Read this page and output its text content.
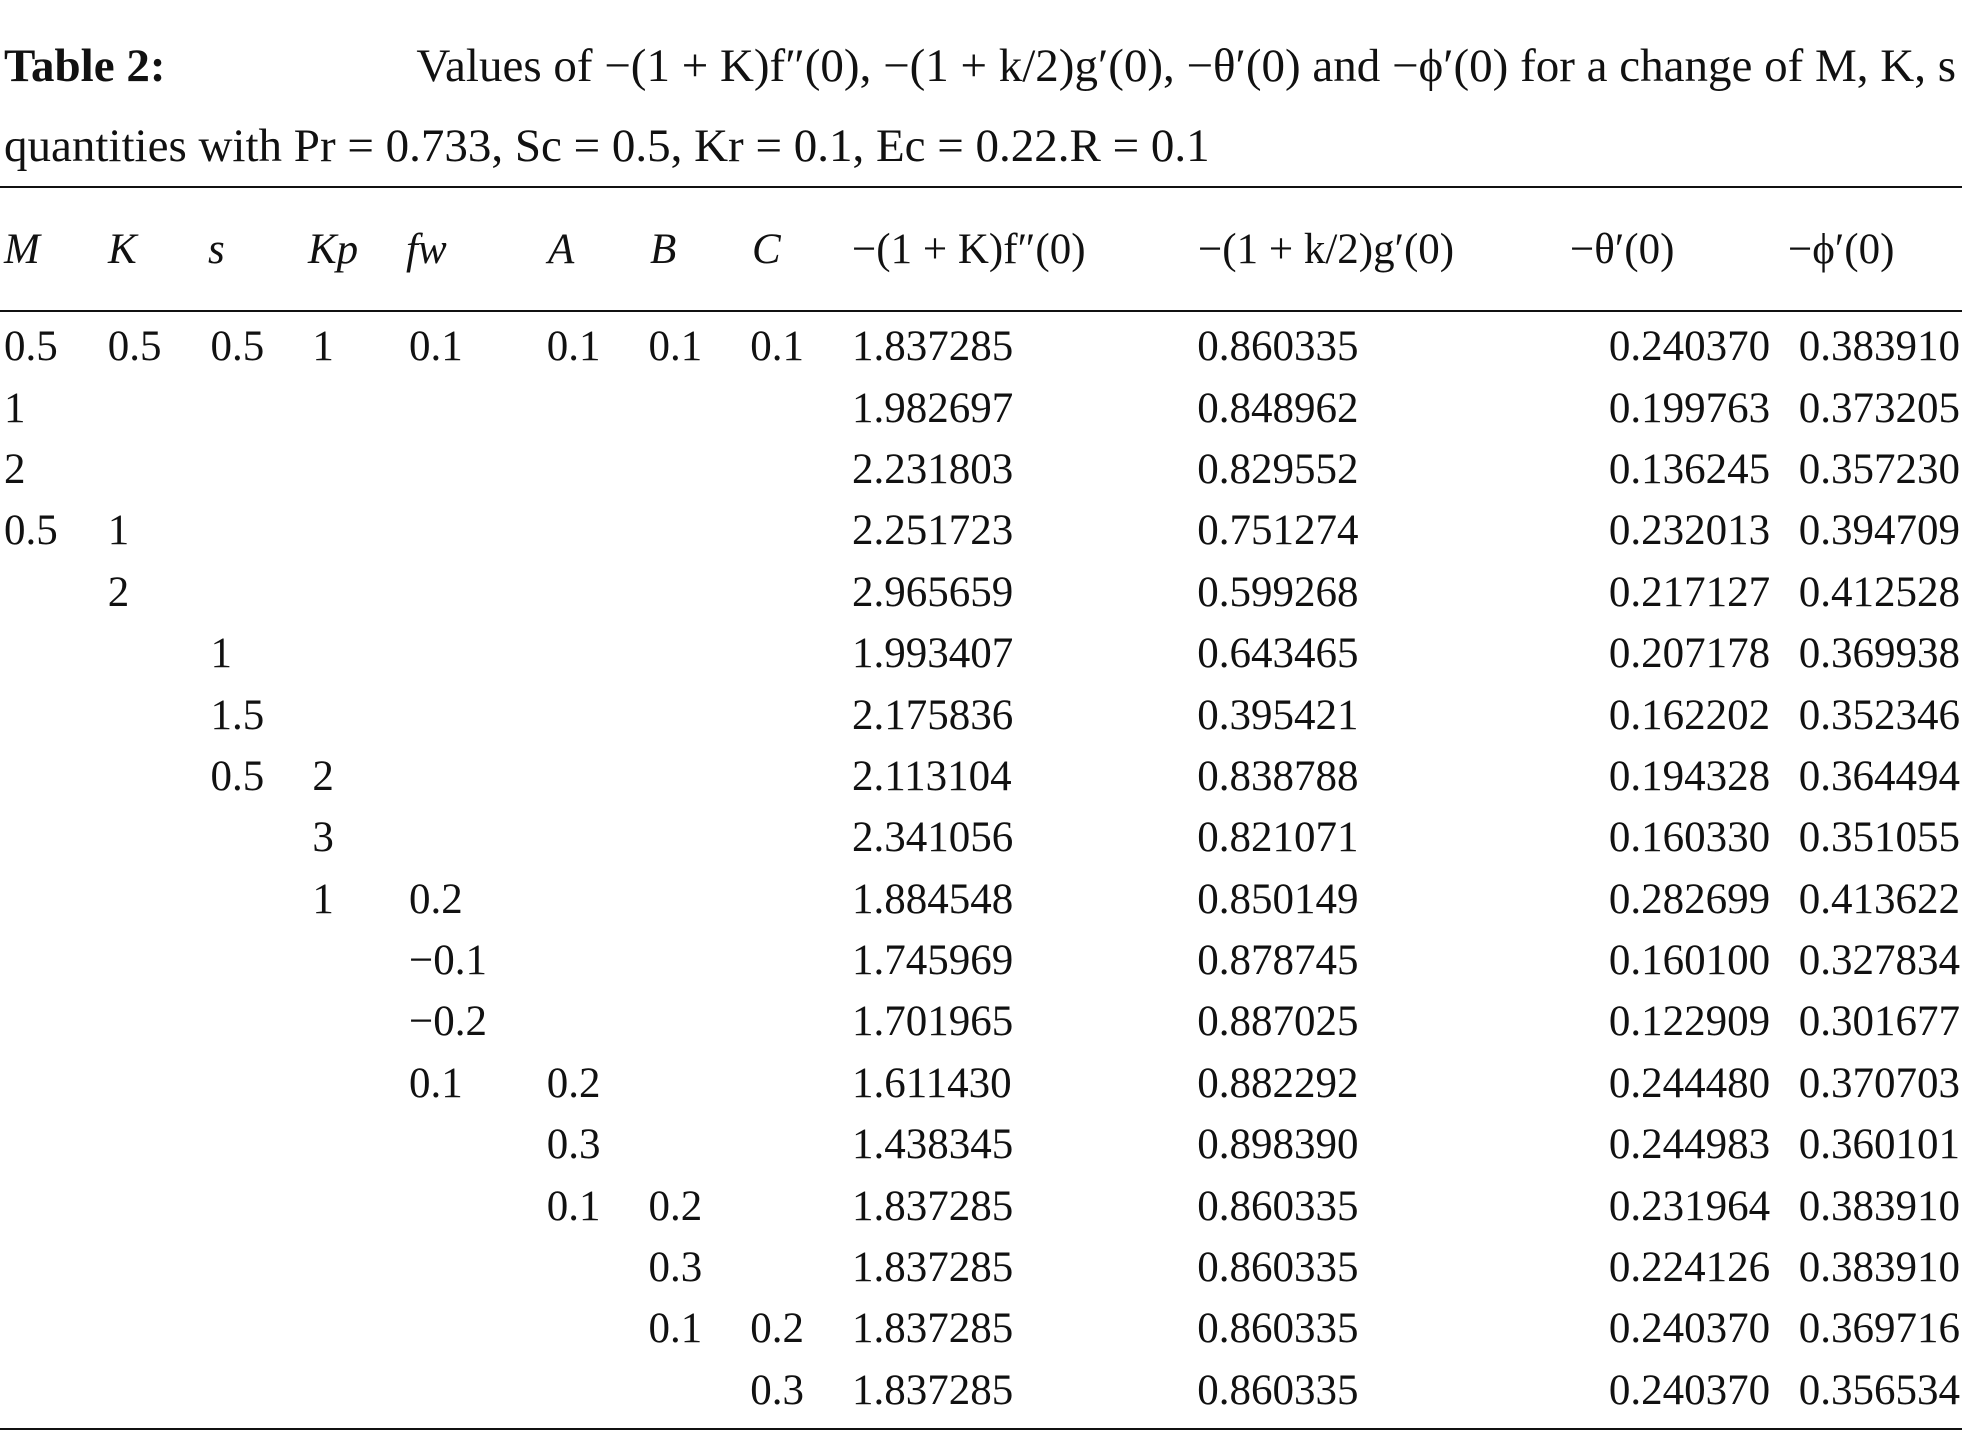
Table 2:	Values of −(1 + K)f″(0), −(1 + k/2)g′(0), −θ′(0) and −ϕ′(0) for a change of M, K, s
quantities with Pr = 0.733, Sc = 0.5, Kr = 0.1, Ec = 0.22.R = 0.1
M K s Kp fw A B C −(1 + K)f″(0)	−(1 + k/2)g′(0)	−θ′(0)	−ϕ′(0)
0.5	0.5	0.5	1	0.1	0.1	0.1	0.1	1.837285	0.860335	0.240370	0.383910
1								1.982697	0.848962	0.199763	0.373205
2								2.231803	0.829552	0.136245	0.357230
0.5	1							2.251723	0.751274	0.232013	0.394709
	2							2.965659	0.599268	0.217127	0.412528
		1						1.993407	0.643465	0.207178	0.369938
		1.5						2.175836	0.395421	0.162202	0.352346
		0.5	2					2.113104	0.838788	0.194328	0.364494
			3					2.341056	0.821071	0.160330	0.351055
			1	0.2				1.884548	0.850149	0.282699	0.413622
				−0.1				1.745969	0.878745	0.160100	0.327834
				−0.2				1.701965	0.887025	0.122909	0.301677
				0.1	0.2			1.611430	0.882292	0.244480	0.370703
					0.3			1.438345	0.898390	0.244983	0.360101
					0.1	0.2		1.837285	0.860335	0.231964	0.383910
						0.3		1.837285	0.860335	0.224126	0.383910
						0.1	0.2	1.837285	0.860335	0.240370	0.369716
							0.3	1.837285	0.860335	0.240370	0.356534
